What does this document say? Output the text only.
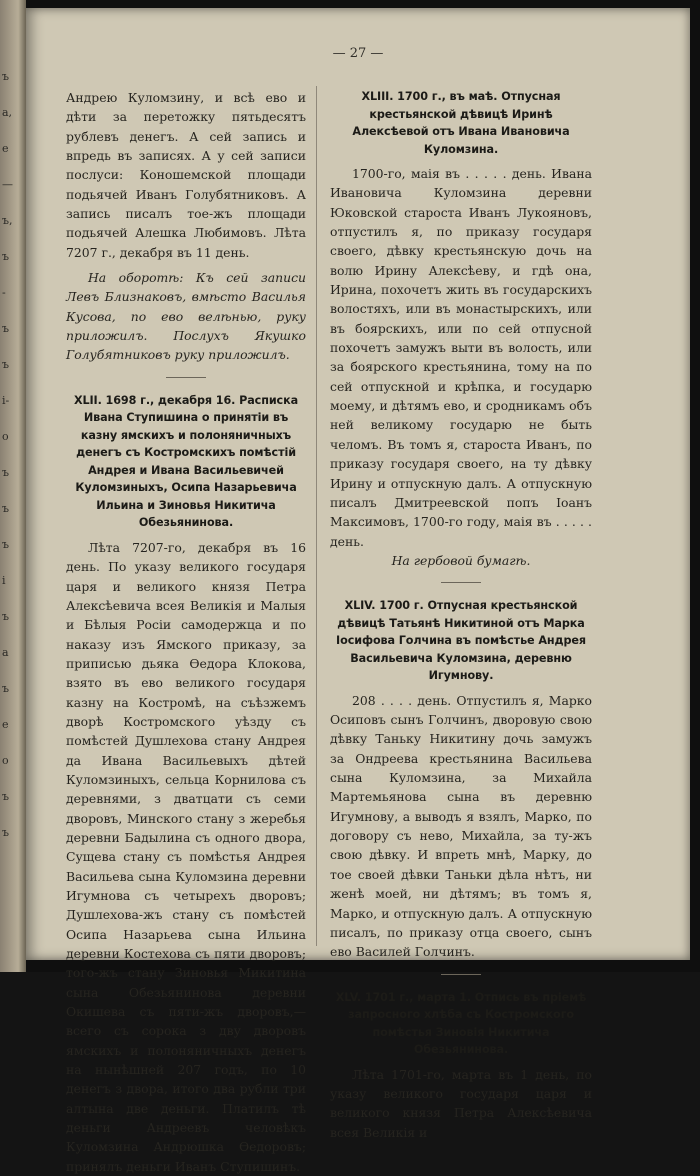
ъ
а,
е
—
ъ,
ъ
-
ъ
ъ
і-
о
ъ
ъ
ъ
і
ъ
а
ъ
е
о
ъ
ъ
— 27 —

Андрею Куломзину, и всѣ ево и дѣти за перетожку пятьдесятъ рублевъ денегъ. А сей запись и впредь въ записях. А у сей записи послуси: Коношемской площади подьячей Иванъ Голубятниковъ. А запись писалъ тое-жъ площади подьячей Алешка Любимовъ. Лѣта 7207 г., декабря въ 11 день.

На оборотѣ: Къ сей записи Левъ Близнаковъ, вмѣсто Василья Кусова, по ево велѣнью, руку приложилъ. Послухъ Якушко Голубятниковъ руку приложилъ.

XLII. 1698 г., декабря 16. Расписка Ивана Ступишина о принятіи въ казну ямскихъ и полоняничныхъ денегъ съ Костромскихъ помѣстій Андрея и Ивана Васильевичей Куломзиныхъ, Осипа Назарьевича Ильина и Зиновья Никитича Обезьянинова.

Лѣта 7207-го, декабря въ 16 день. По указу великого государя царя и великого князя Петра Алексѣевича всея Великія и Малыя и Бѣлыя Росіи самодержца и по наказу изъ Ямского приказу, за приписью дьяка Ѳедора Клокова, взято въ ево великого государя казну на Костромѣ, на съѣзжемъ дворѣ Костромского уѣзду съ помѣстей Душлехова стану Андрея да Ивана Васильевыхъ дѣтей Куломзиныхъ, сельца Корнилова съ деревнями, з дватцати съ семи дворовъ, Минского стану з жеребья деревни Бадылина съ одного двора, Сущева стану съ помѣстья Андрея Васильева сына Куломзина деревни Игумнова съ четырехъ дворовъ; Душлехова-жъ стану съ помѣстей Осипа Назарьева сына Ильина деревни Костехова съ пяти дворовъ; того-жъ стану Зиновья Микитина сына Обезьянинова деревни Окишева съ пяти-жъ дворовъ,—всего съ сорока з дву дворовъ ямскихъ и полоняничныхъ денегъ на нынѣшней 207 годъ, по 10 денегъ з двора, итого два рубли три алтына две деньги. Платилъ тѣ деньги Андреевъ человѣкъ Куломзина Андрюшка Ѳедоровъ; принялъ деньги Иванъ Ступишинъ.

XLIII. 1700 г., въ маѣ. Отпусная крестьянской дѣвицѣ Иринѣ Алексѣевой отъ Ивана Ивановича Куломзина.

1700-го, маія въ . . . . . день. Ивана Ивановича Куломзина деревни Юковской староста Иванъ Лукояновъ, отпустилъ я, по приказу государя своего, дѣвку крестьянскую дочь на волю Ирину Алексѣеву, и гдѣ она, Ирина, похочетъ жить въ государскихъ волостяхъ, или въ монастырскихъ, или въ боярскихъ, или по сей отпусной похочетъ замужъ выти въ волость, или за боярского крестьянина, тому на по сей отпускной и крѣпка, и государю моему, и дѣтямъ ево, и сродникамъ объ ней великому государю не быть челомъ. Въ томъ я, староста Иванъ, по приказу государя своего, на ту дѣвку Ирину и отпускную далъ. А отпускную писалъ Дмитреевской попъ Іоанъ Максимовъ, 1700-го году, маія въ . . . . . день.

На гербовой бумагѣ.

XLIV. 1700 г. Отпусная крестьянской дѣвицѣ Татьянѣ Никитиной отъ Марка Іосифова Голчина въ помѣстье Андрея Васильевича Куломзина, деревню Игумнову.

208 . . . . день. Отпустилъ я, Марко Осиповъ сынъ Голчинъ, дворовую свою дѣвку Таньку Никитину дочь замужъ за Ондреева крестьянина Васильева сына Куломзина, за Михайла Мартемьянова сына въ деревню Игумнову, а выводъ я взялъ, Марко, по договору съ нево, Михайла, за ту-жъ свою дѣвку. И впреть мнѣ, Марку, до тое своей дѣвки Таньки дѣла нѣтъ, ни женѣ моей, ни дѣтямъ; въ томъ я, Марко, и отпускную далъ. А отпускную писалъ, по приказу отца своего, сынъ ево Василей Голчинъ.

XLV. 1701 г., марта 1. Отпись въ пріемѣ запросного хлѣба съ Костромского помѣстья Зиновія Никитича Обезьянинова.

Лѣта 1701-го, марта въ 1 день, по указу великого государя царя и великого князя Петра Алексѣевича всея Великія и
